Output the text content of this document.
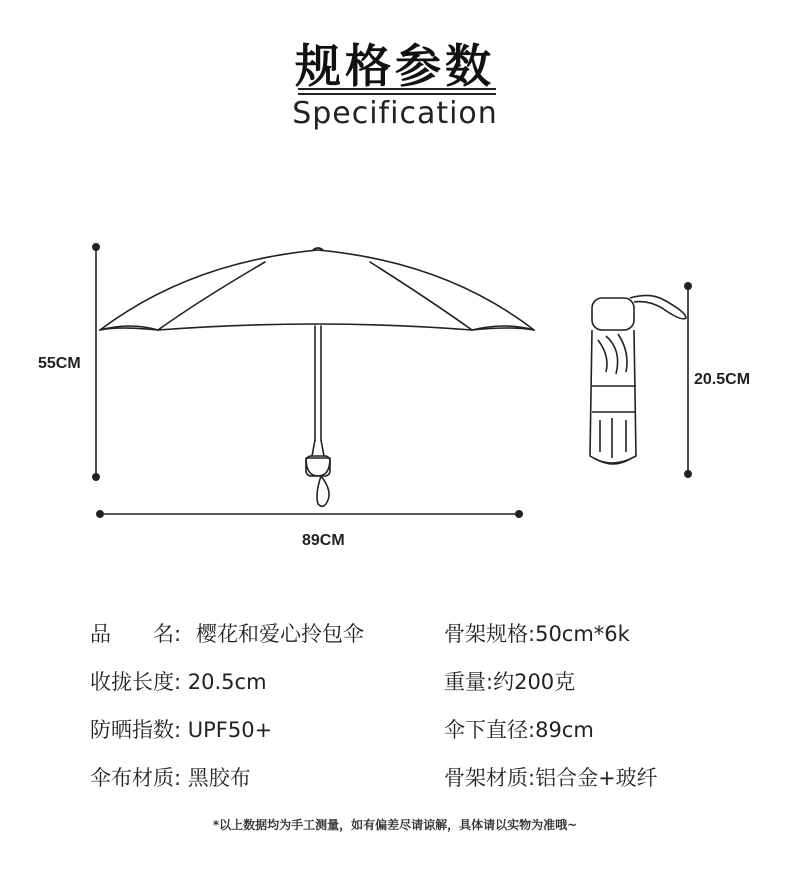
规格参数
Specification
55CM
89CM
20.5CM
品　　名: 樱花和爱心拎包伞
收拢长度: 20.5cm
防晒指数: UPF50+
伞布材质: 黑胶布
骨架规格:50cm*6k
重量:约200克
伞下直径:89cm
骨架材质:铝合金+玻纤
*以上数据均为手工测量，如有偏差尽请谅解，具体请以实物为准哦~
